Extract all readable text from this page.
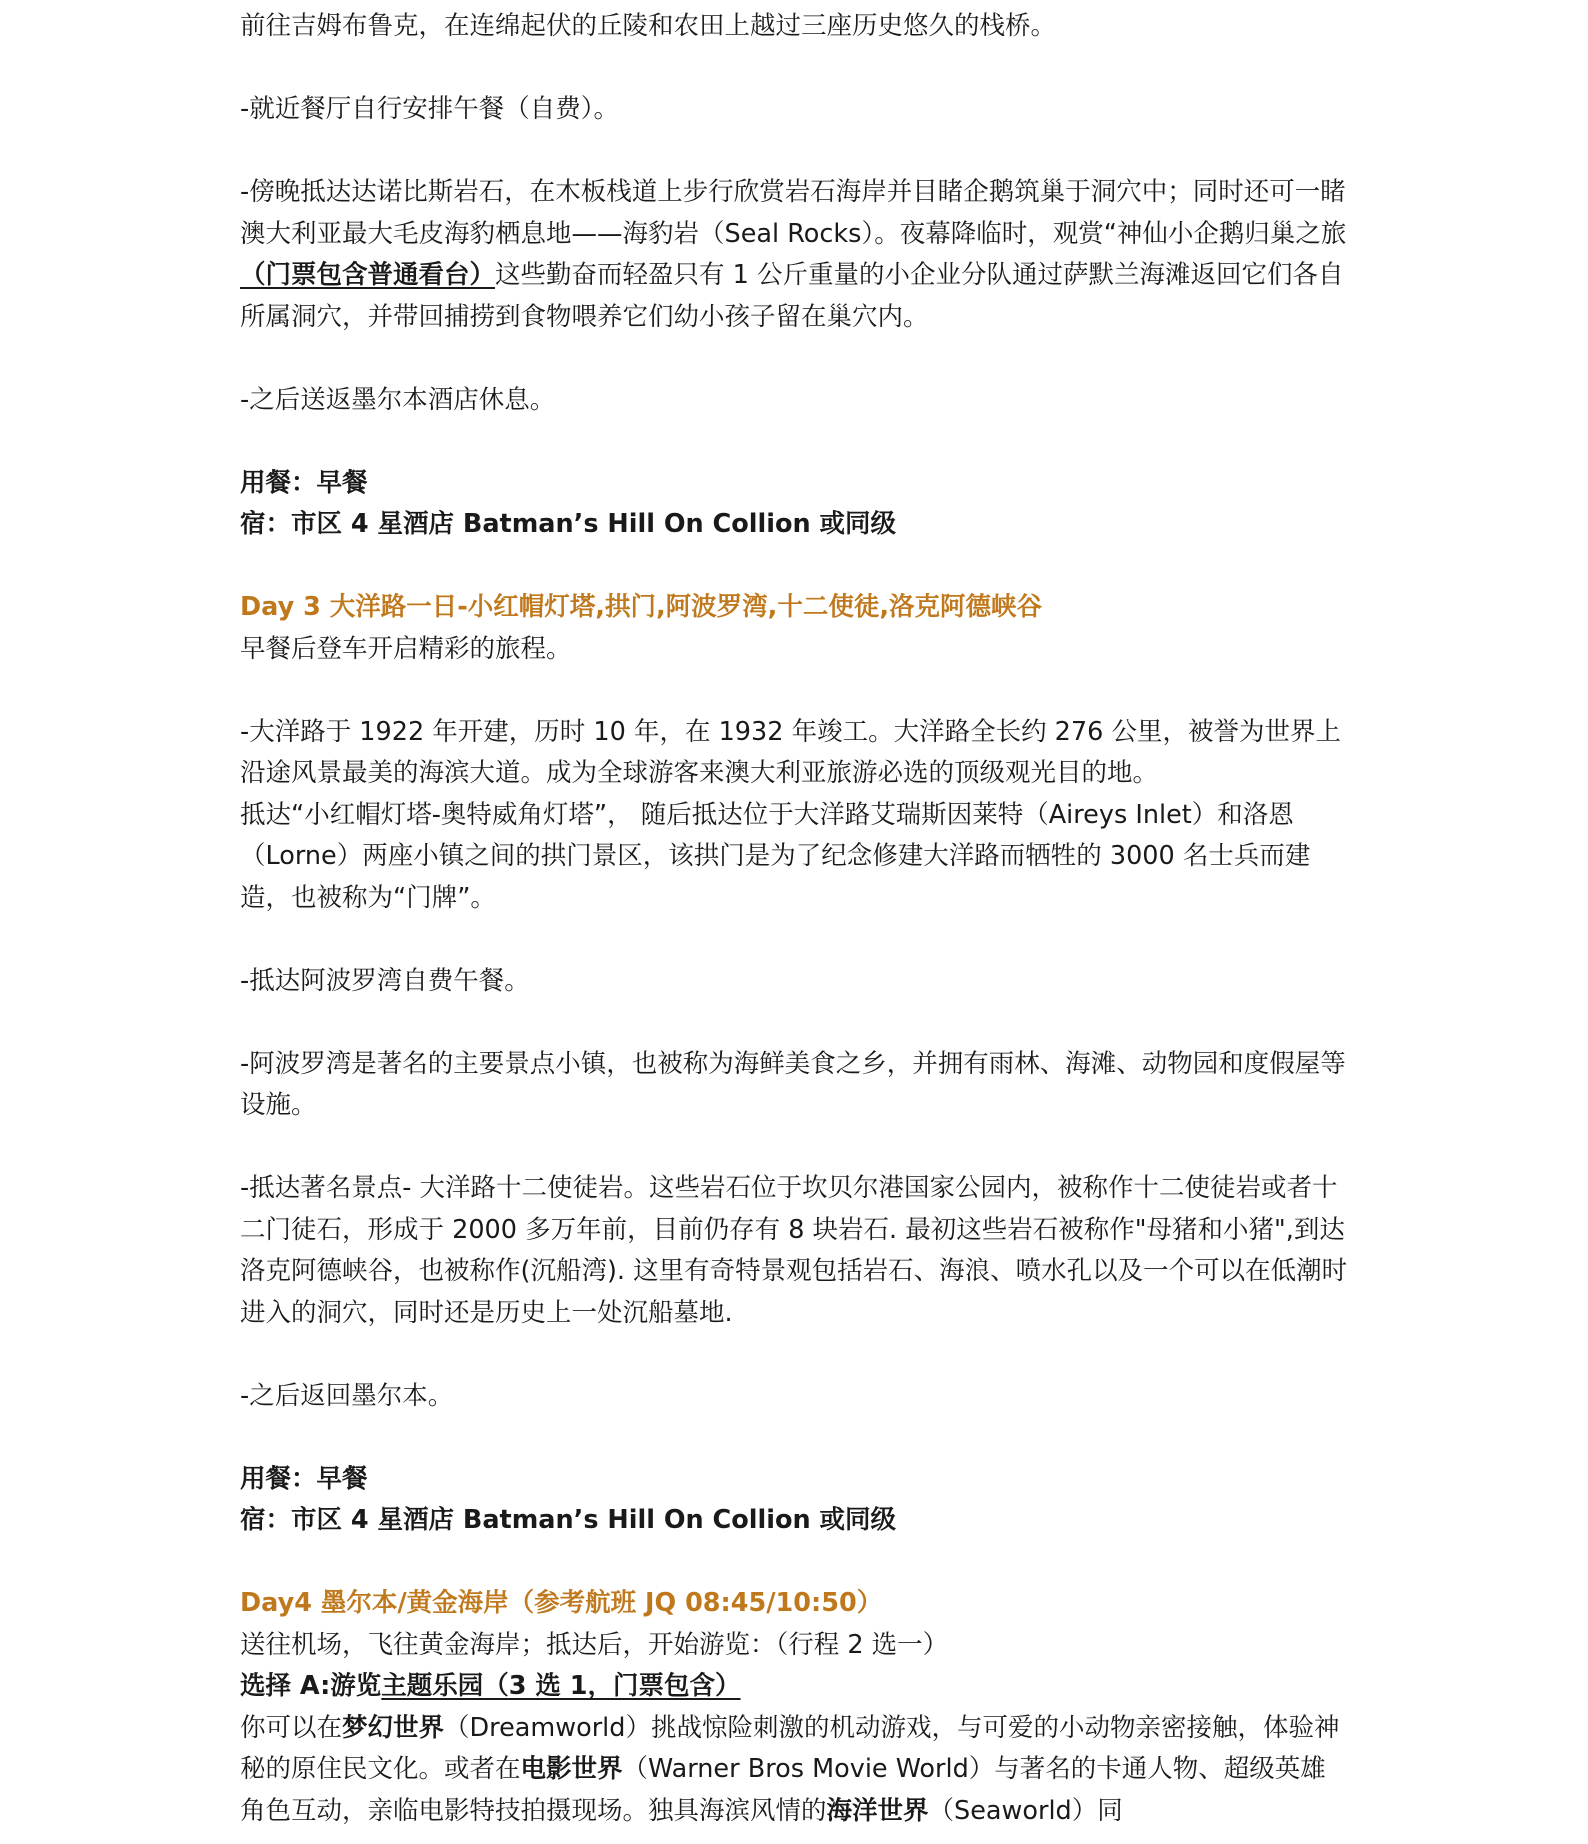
前往吉姆布鲁克，在连绵起伏的丘陵和农田上越过三座历史悠久的栈桥。

-就近餐厅自行安排午餐（自费）。

-傍晚抵达达诺比斯岩石，在木板栈道上步行欣赏岩石海岸并目睹企鹅筑巢于洞穴中；同时还可一睹澳大利亚最大毛皮海豹栖息地——海豹岩（Seal Rocks）。夜幕降临时，观赏“神仙小企鹅归巢之旅（门票包含普通看台）这些勤奋而轻盈只有 1 公斤重量的小企业分队通过萨默兰海滩返回它们各自所属洞穴，并带回捕捞到食物喂养它们幼小孩子留在巢穴内。

-之后送返墨尔本酒店休息。

用餐：早餐

宿：市区 4 星酒店 Batman’s Hill On Collion 或同级

Day 3 大洋路一日-小红帽灯塔,拱门,阿波罗湾,十二使徒,洛克阿德峡谷

早餐后登车开启精彩的旅程。

-大洋路于 1922 年开建，历时 10 年，在 1932 年竣工。大洋路全长约 276 公里，被誉为世界上沿途风景最美的海滨大道。成为全球游客来澳大利亚旅游必选的顶级观光目的地。

抵达“小红帽灯塔-奥特威角灯塔”， 随后抵达位于大洋路艾瑞斯因莱特（Aireys Inlet）和洛恩（Lorne）两座小镇之间的拱门景区，该拱门是为了纪念修建大洋路而牺牲的 3000 名士兵而建造，也被称为“门牌”。

-抵达阿波罗湾自费午餐。

-阿波罗湾是著名的主要景点小镇，也被称为海鲜美食之乡，并拥有雨林、海滩、动物园和度假屋等设施。

-抵达著名景点- 大洋路十二使徒岩。这些岩石位于坎贝尔港国家公园内，被称作十二使徒岩或者十二门徒石，形成于 2000 多万年前，目前仍存有 8 块岩石. 最初这些岩石被称作"母猪和小猪",到达洛克阿德峡谷，也被称作(沉船湾). 这里有奇特景观包括岩石、海浪、喷水孔以及一个可以在低潮时进入的洞穴，同时还是历史上一处沉船墓地.

-之后返回墨尔本。

用餐：早餐

宿：市区 4 星酒店 Batman’s Hill On Collion 或同级

Day4 墨尔本/黄金海岸（参考航班 JQ 08:45/10:50）

送往机场，飞往黄金海岸；抵达后，开始游览：（行程 2 选一）

选择 A:游览主题乐园（3 选 1，门票包含）

你可以在梦幻世界（Dreamworld）挑战惊险刺激的机动游戏，与可爱的小动物亲密接触，体验神秘的原住民文化。或者在电影世界（Warner Bros Movie World）与著名的卡通人物、超级英雄角色互动，亲临电影特技拍摄现场。独具海滨风情的海洋世界（Seaworld）同
